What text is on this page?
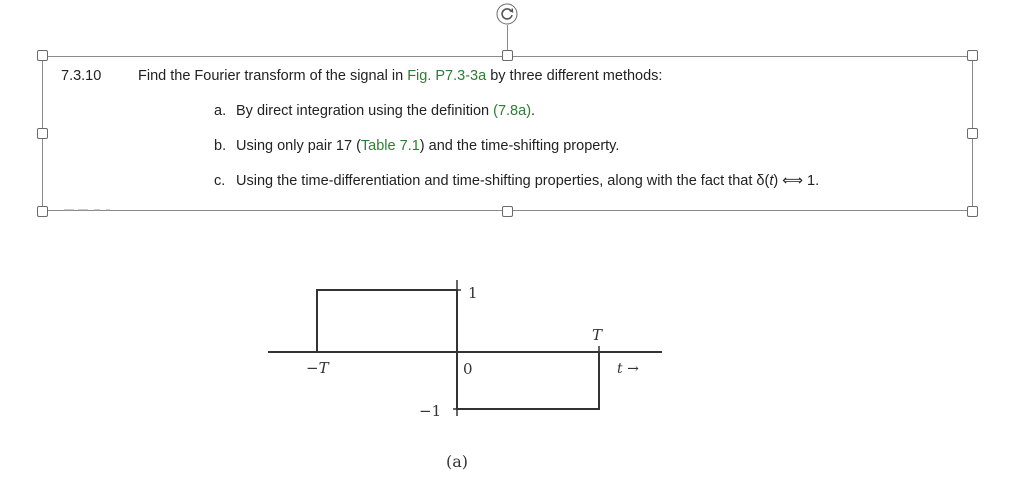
7.3.10	Find the Fourier transform of the signal in Fig. P7.3-3a by three different methods:
a. By direct integration using the definition (7.8a).
b. Using only pair 17 (Table 7.1) and the time-shifting property.
c. Using the time-differentiation and time-shifting properties, along with the fact that δ(t) ⟺ 1.
1
−1
0
−T
T
t →
(a)
